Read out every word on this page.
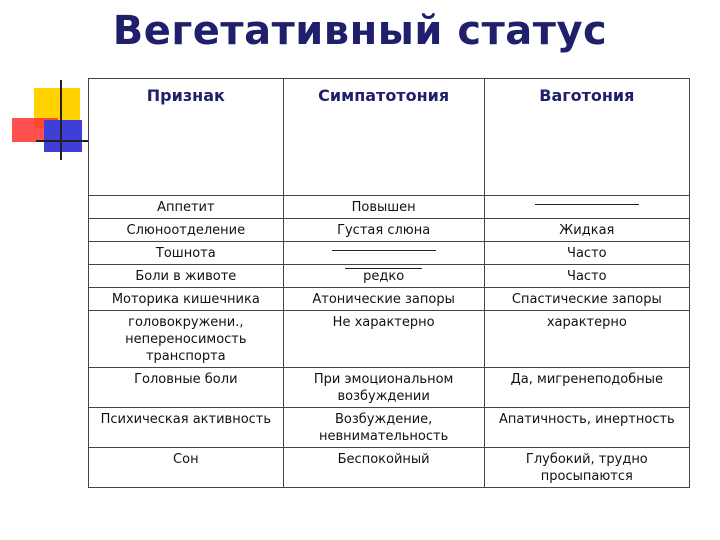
Вегетативный статус
Признак	Симпатотония	Ваготония
Аппетит	Повышен	
Слюноотделение	Густая слюна	Жидкая
Тошнота		Часто
Боли в животе	редко	Часто
Моторика кишечника	Атонические запоры	Спастические запоры
головокружени., непереносимость транспорта	Не характерно	характерно
Головные боли	При эмоциональном возбуждении	Да, мигренеподобные
Психическая активность	Возбуждение, невнимательность	Апатичность, инертность
Сон	Беспокойный	Глубокий, трудно просыпаются
